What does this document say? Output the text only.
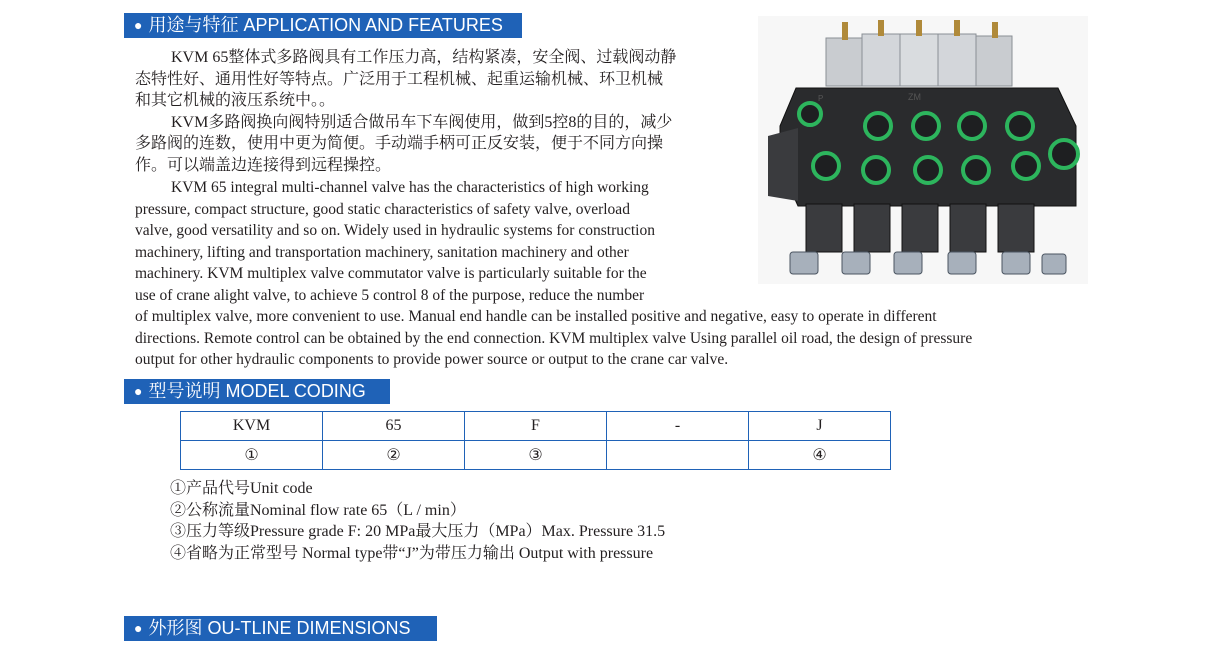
● 用途与特征 APPLICATION AND FEATURES

KVM 65整体式多路阀具有工作压力高，结构紧凑，安全阀、过载阀动静

态特性好、通用性好等特点。广泛用于工程机械、起重运输机械、环卫机械

和其它机械的液压系统中。。

KVM多路阀换向阀特别适合做吊车下车阀使用，做到5控8的目的，减少

多路阀的连数，使用中更为简便。手动端手柄可正反安装，便于不同方向操

作。可以端盖边连接得到远程操控。

KVM 65 integral multi-channel valve has the characteristics of high working

pressure, compact structure, good static characteristics of safety valve, overload

valve, good versatility and so on. Widely used in hydraulic systems for construction

machinery, lifting and transportation machinery, sanitation machinery and other

machinery. KVM multiplex valve commutator valve is particularly suitable for the

use of crane alight valve, to achieve 5 control 8 of the purpose, reduce the number

of multiplex valve, more convenient to use. Manual end handle can be installed positive and negative, easy to operate in different

directions. Remote control can be obtained by the end connection. KVM multiplex valve Using parallel oil road, the design of pressure

output for other hydraulic components to provide power source or output to the crane car valve.

P	ZM
● 型号说明 MODEL CODING
KVM	65	F	-	J
①	②	③		④
①产品代号Unit code
②公称流量Nominal flow rate 65（L / min）
③压力等级Pressure grade F: 20 MPa最大压力（MPa）Max. Pressure 31.5
④省略为正常型号 Normal type带“J”为带压力输出 Output with pressure
● 外形图 OU-TLINE DIMENSIONS
